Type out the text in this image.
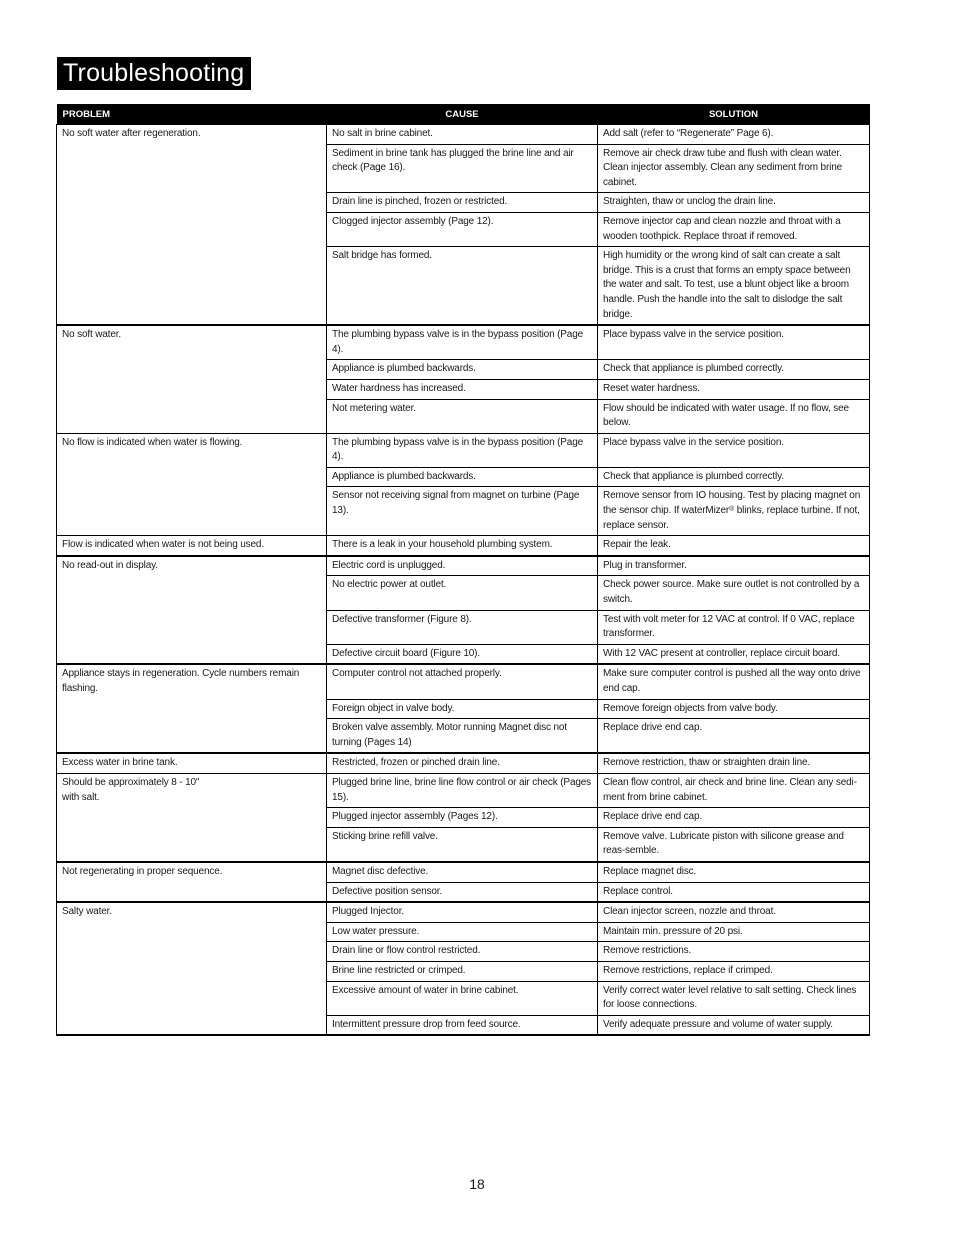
Troubleshooting
PROBLEM	CAUSE	SOLUTION
No soft water after regeneration.	No salt in brine cabinet.	Add salt (refer to “Regenerate” Page 6).
	Sediment in brine tank has plugged the brine line and air check (Page 16).	Remove air check draw tube and flush with clean water. Clean injector assembly. Clean any sediment from brine cabinet.
	Drain line is pinched, frozen or restricted.	Straighten, thaw or unclog the drain line.
	Clogged injector assembly (Page 12).	Remove injector cap and clean nozzle and throat with a wooden toothpick. Replace throat if removed.
	Salt bridge has formed.	High humidity or the wrong kind of salt can create a salt bridge. This is a crust that forms an empty space between the water and salt. To test, use a blunt object like a broom handle. Push the handle into the salt to dislodge the salt bridge.
No soft water.	The plumbing bypass valve is in the bypass position (Page 4).	Place bypass valve in the service position.
	Appliance is plumbed backwards.	Check that appliance is plumbed correctly.
	Water hardness has increased.	Reset water hardness.
	Not metering water.	Flow should be indicated with water usage. If no flow, see below.
No flow is indicated when water is flowing.	The plumbing bypass valve is in the bypass position (Page 4).	Place bypass valve in the service position.
	Appliance is plumbed backwards.	Check that appliance is plumbed correctly.
	Sensor not receiving signal from magnet on turbine (Page 13).	Remove sensor from IO housing. Test by placing magnet on the sensor chip. If waterMizer® blinks, replace turbine. If not, replace sensor.
Flow is indicated when water is not being used.	There is a leak in your household plumbing system.	Repair the leak.
No read-out in display.	Electric cord is unplugged.	Plug in transformer.
	No electric power at outlet.	Check power source. Make sure outlet is not controlled by a switch.
	Defective transformer (Figure 8).	Test with volt meter for 12 VAC at control. If 0 VAC, replace transformer.
	Defective circuit board (Figure 10).	With 12 VAC present at controller, replace circuit board.
Appliance stays in regeneration. Cycle numbers remain flashing.	Computer control not attached properly.	Make sure computer control is pushed all the way onto drive end cap.
	Foreign object in valve body.	Remove foreign objects from valve body.
	Broken valve assembly. Motor running Magnet disc not turning (Pages 14)	Replace drive end cap.
Excess water in brine tank.	Restricted, frozen or pinched drain line.	Remove restriction, thaw or straighten drain line.
Should be approximately 8 - 10"
with salt.	Plugged brine line, brine line flow control or air check (Pages 15).	Clean flow control, air check and brine line. Clean any sedi-ment from brine cabinet.
	Plugged injector assembly (Pages 12).	Replace drive end cap.
	Sticking brine refill valve.	Remove valve. Lubricate piston with silicone grease and reas-semble.
Not regenerating in proper sequence.	Magnet disc defective.	Replace magnet disc.
	Defective position sensor.	Replace control.
Salty water.	Plugged Injector.	Clean injector screen, nozzle and throat.
	Low water pressure.	Maintain min. pressure of 20 psi.
	Drain line or flow control restricted.	Remove restrictions.
	Brine line restricted or crimped.	Remove restrictions, replace if crimped.
	Excessive amount of water in brine cabinet.	Verify correct water level relative to salt setting. Check lines for loose connections.
	Intermittent pressure drop from feed source.	Verify adequate pressure and volume of water supply.
18
